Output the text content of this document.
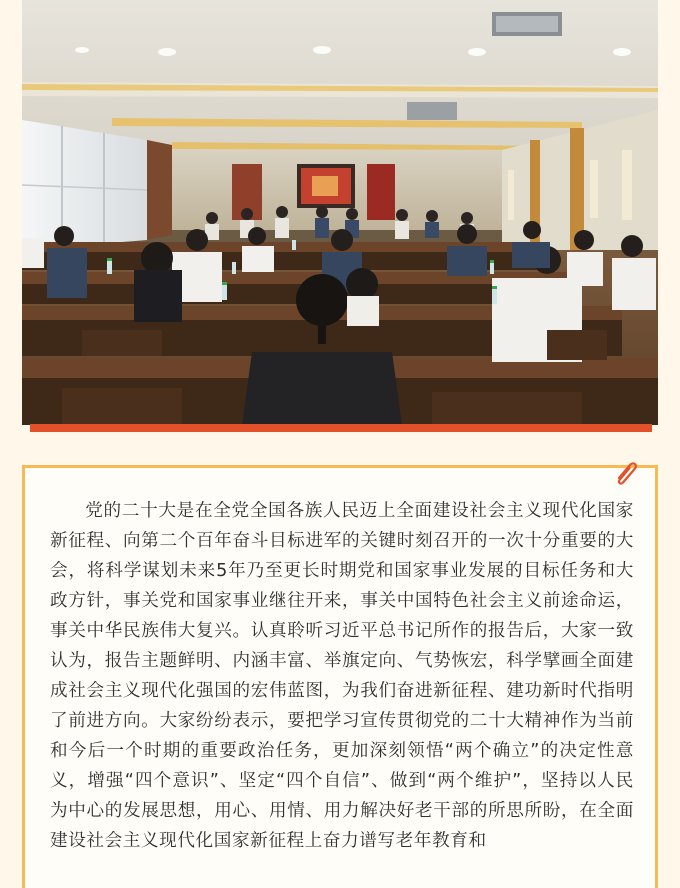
党的二十大是在全党全国各族人民迈上全面建设社会主义现代化国家新征程、向第二个百年奋斗目标进军的关键时刻召开的一次十分重要的大会，将科学谋划未来5年乃至更长时期党和国家事业发展的目标任务和大政方针，事关党和国家事业继往开来，事关中国特色社会主义前途命运，事关中华民族伟大复兴。认真聆听习近平总书记所作的报告后，大家一致认为，报告主题鲜明、内涵丰富、举旗定向、气势恢宏，科学擘画全面建成社会主义现代化强国的宏伟蓝图，为我们奋进新征程、建功新时代指明了前进方向。大家纷纷表示，要把学习宣传贯彻党的二十大精神作为当前和今后一个时期的重要政治任务，更加深刻领悟“两个确立”的决定性意义，增强“四个意识”、坚定“四个自信”、做到“两个维护”，坚持以人民为中心的发展思想，用心、用情、用力解决好老干部的所思所盼，在全面建设社会主义现代化国家新征程上奋力谱写老年教育和
